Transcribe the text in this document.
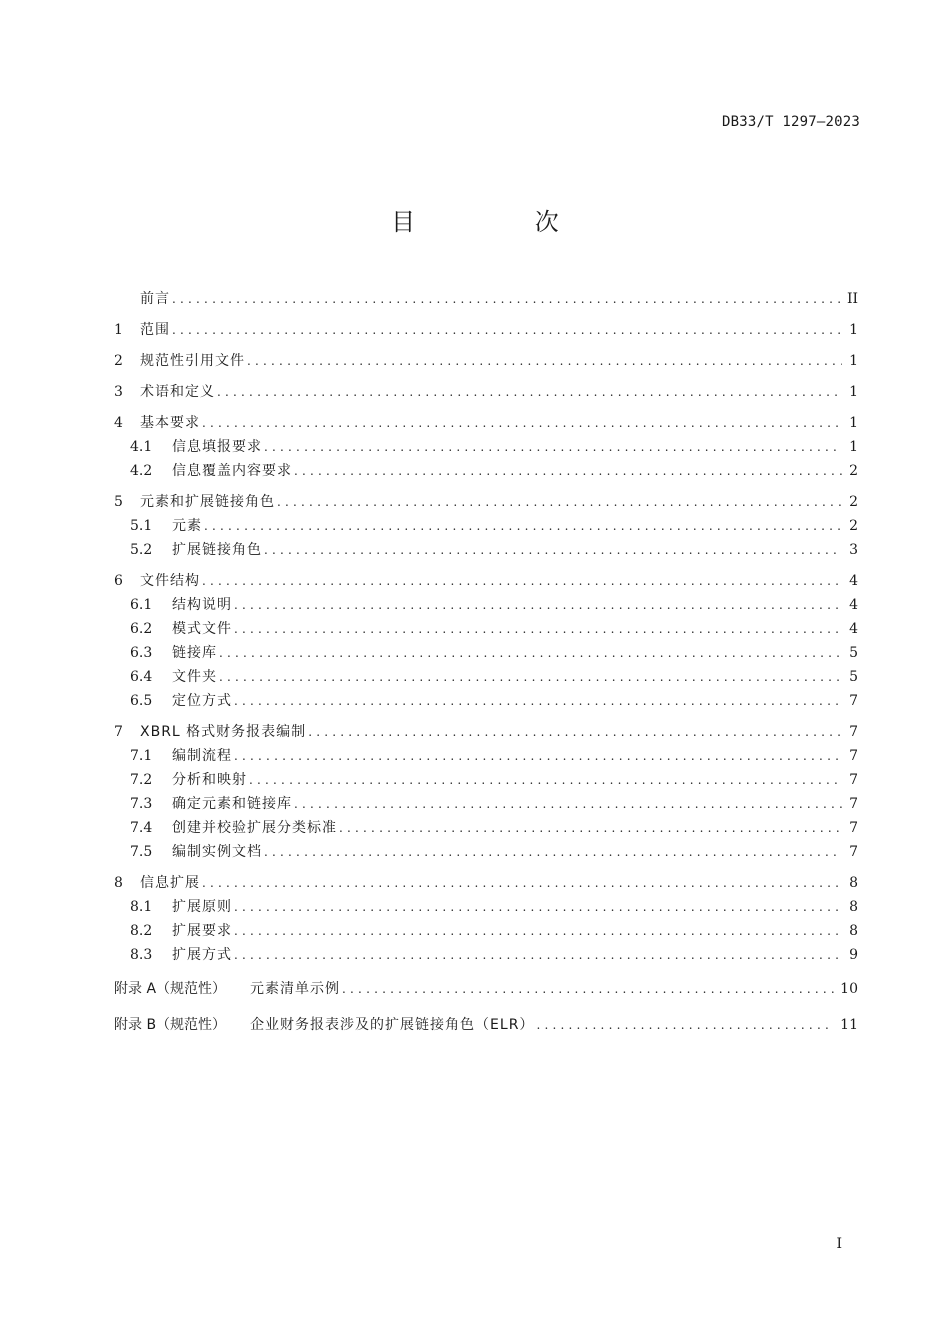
DB33/T 1297—2023
目 次
前言 .....	II
1	范围 .....	1
2	规范性引用文件 .....	1
3	术语和定义 .....	1
4	基本要求 .....	1
4.1	信息填报要求 .....	1
4.2	信息覆盖内容要求 .....	2
5	元素和扩展链接角色 .....	2
5.1	元素 .....	2
5.2	扩展链接角色 .....	3
6	文件结构 .....	4
6.1	结构说明 .....	4
6.2	模式文件 .....	4
6.3	链接库 .....	5
6.4	文件夹 .....	5
6.5	定位方式 .....	7
7	XBRL 格式财务报表编制 .....	7
7.1	编制流程 .....	7
7.2	分析和映射 .....	7
7.3	确定元素和链接库 .....	7
7.4	创建并校验扩展分类标准 .....	7
7.5	编制实例文档 .....	7
8	信息扩展 .....	8
8.1	扩展原则 .....	8
8.2	扩展要求 .....	8
8.3	扩展方式 .....	9
附录 A（规范性）	元素清单示例 .....	10
附录 B（规范性）	企业财务报表涉及的扩展链接角色（ELR） .....	11
I
